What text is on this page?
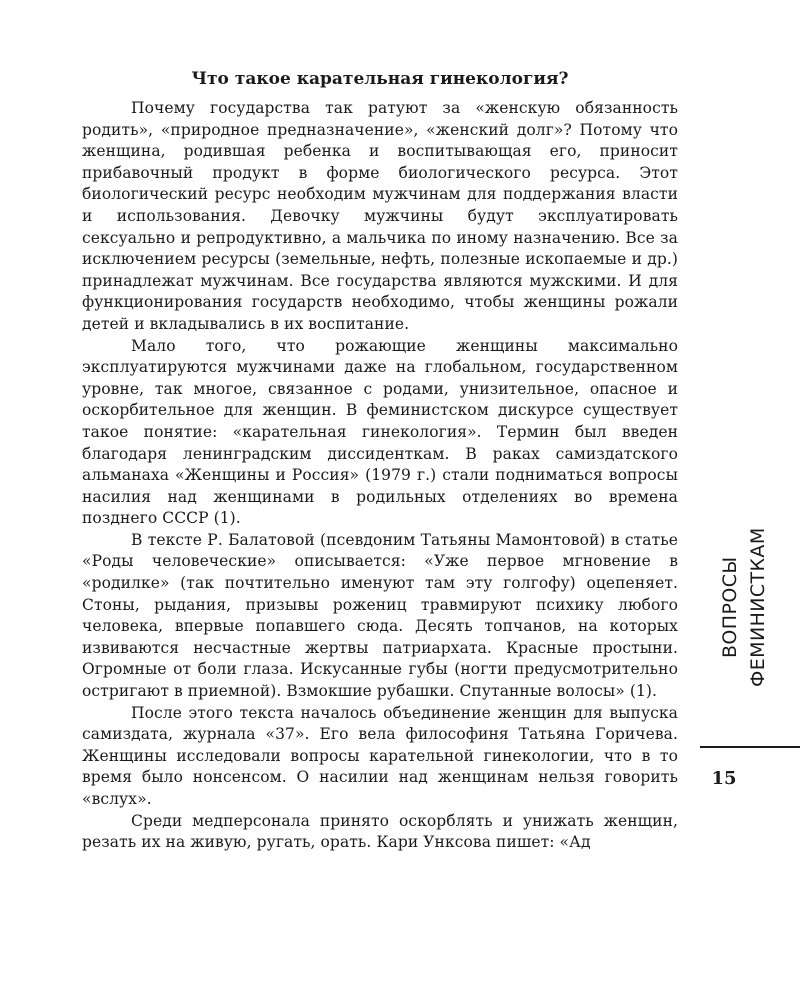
Что такое карательная гинекология?

Почему государства так ратуют за «женскую обязанность родить», «природное предназначение», «женский долг»? Потому что женщина, родившая ребенка и воспитывающая его, приносит прибавочный продукт в форме биологического ресурса. Этот биологический ресурс необходим мужчинам для поддержания власти и использования. Девочку мужчины будут эксплуатировать сексуально и репродуктивно, а мальчика по иному назначению. Все за исключением ресурсы (земельные, нефть, полезные ископаемые и др.) принадлежат мужчинам. Все государства являются мужскими. И для функционирования государств необходимо, чтобы женщины рожали детей и вкладывались в их воспитание.

Мало того, что рожающие женщины максимально эксплуатируются мужчинами даже на глобальном, государственном уровне, так многое, связанное с родами, унизительное, опасное и оскорбительное для женщин. В феминистском дискурсе существует такое понятие: «карательная гинекология». Термин был введен благодаря ленинградским диссиденткам. В раках самиздатского альманаха «Женщины и Россия» (1979 г.) стали подниматься вопросы насилия над женщинами в родильных отделениях во времена позднего СССР (1).

В тексте Р. Балатовой (псевдоним Татьяны Мамонтовой) в статье «Роды человеческие» описывается: «Уже первое мгновение в «родилке» (так почтительно именуют там эту голгофу) оцепеняет. Стоны, рыдания, призывы рожениц травмируют психику любого человека, впервые попавшего сюда. Десять топчанов, на которых извиваются несчастные жертвы патриархата. Красные простыни. Огромные от боли глаза. Искусанные губы (ногти предусмотрительно остригают в приемной). Взмокшие рубашки. Спутанные волосы» (1).

После этого текста началось объединение женщин для выпуска самиздата, журнала «37». Его вела философиня Татьяна Горичева. Женщины исследовали вопросы карательной гинекологии, что в то время было нонсенсом. О насилии над женщинам нельзя говорить «вслух».

Среди медперсонала принято оскорблять и унижать женщин, резать их на живую, ругать, орать. Кари Унксова пишет: «Ад

ВОПРОСЫ ФЕМИНИСТКАМ
15
